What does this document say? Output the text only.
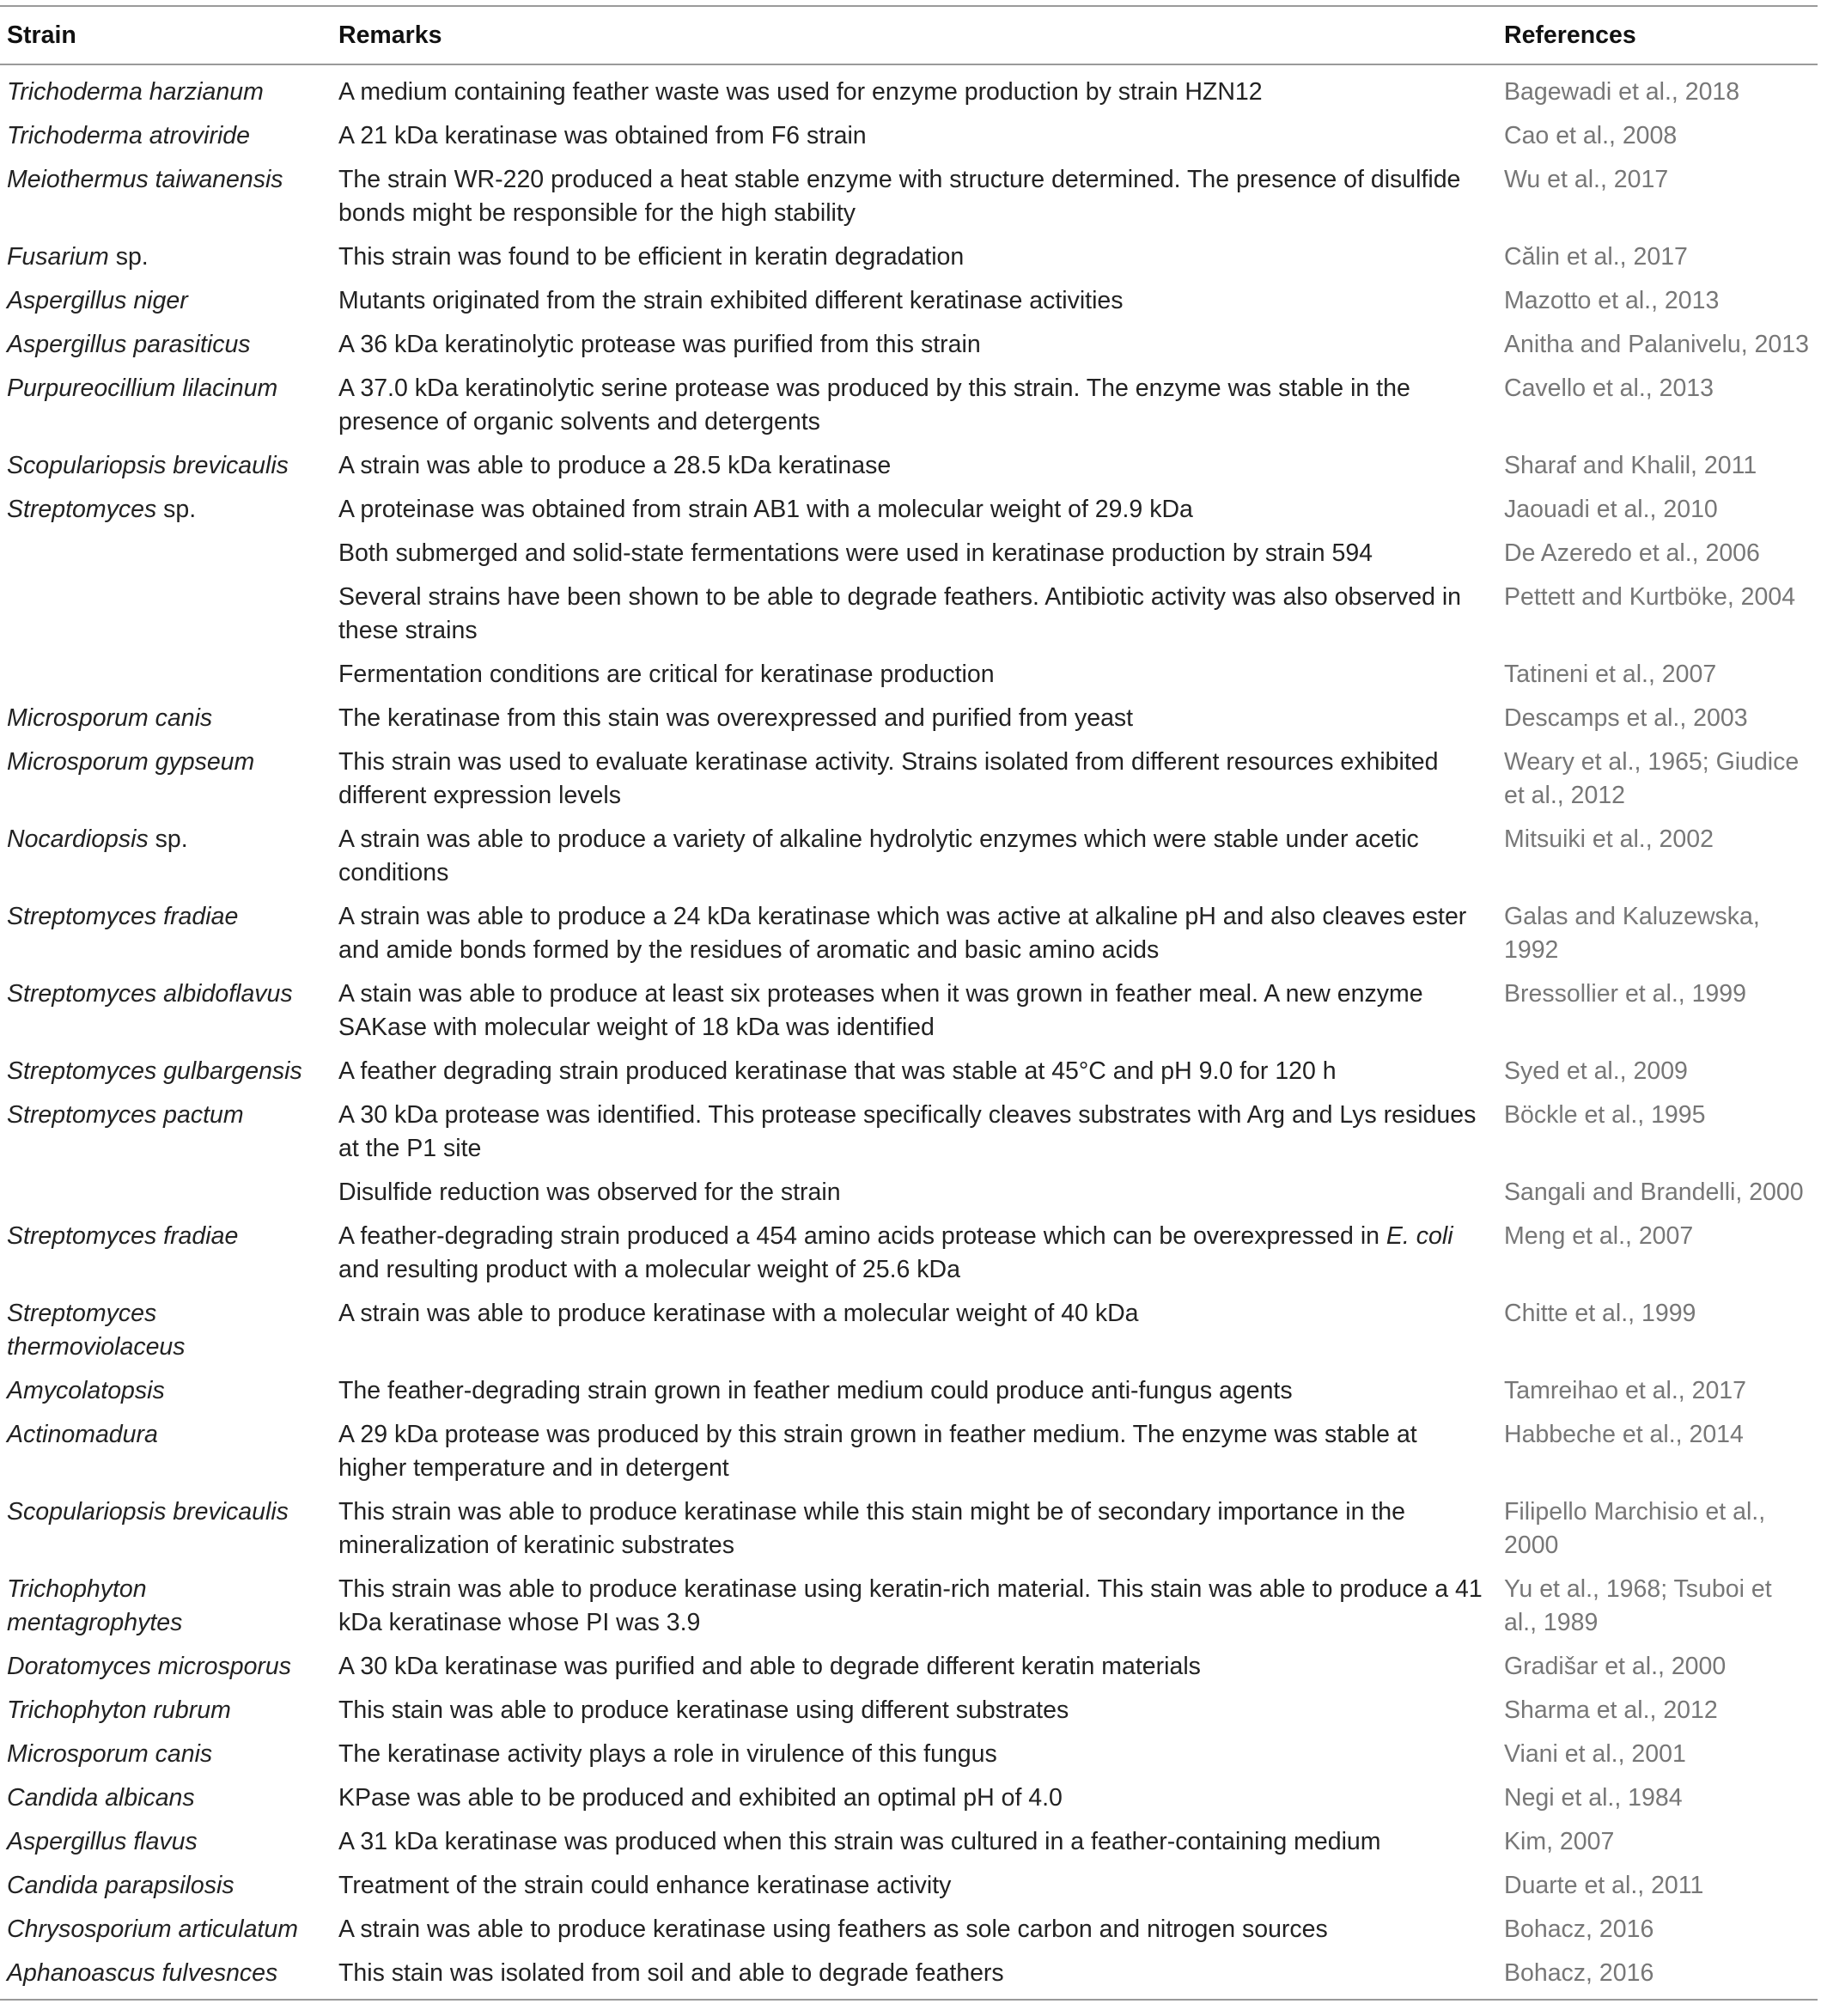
Strain	Remarks	References
Trichoderma harzianum	A medium containing feather waste was used for enzyme production by strain HZN12	Bagewadi et al., 2018
Trichoderma atroviride	A 21 kDa keratinase was obtained from F6 strain	Cao et al., 2008
Meiothermus taiwanensis	The strain WR-220 produced a heat stable enzyme with structure determined. The presence of disulfide bonds might be responsible for the high stability	Wu et al., 2017
Fusarium sp.	This strain was found to be efficient in keratin degradation	Călin et al., 2017
Aspergillus niger	Mutants originated from the strain exhibited different keratinase activities	Mazotto et al., 2013
Aspergillus parasiticus	A 36 kDa keratinolytic protease was purified from this strain	Anitha and Palanivelu, 2013
Purpureocillium lilacinum	A 37.0 kDa keratinolytic serine protease was produced by this strain. The enzyme was stable in the presence of organic solvents and detergents	Cavello et al., 2013
Scopulariopsis brevicaulis	A strain was able to produce a 28.5 kDa keratinase	Sharaf and Khalil, 2011
Streptomyces sp.	A proteinase was obtained from strain AB1 with a molecular weight of 29.9 kDa	Jaouadi et al., 2010
	Both submerged and solid-state fermentations were used in keratinase production by strain 594	De Azeredo et al., 2006
	Several strains have been shown to be able to degrade feathers. Antibiotic activity was also observed in these strains	Pettett and Kurtböke, 2004
	Fermentation conditions are critical for keratinase production	Tatineni et al., 2007
Microsporum canis	The keratinase from this stain was overexpressed and purified from yeast	Descamps et al., 2003
Microsporum gypseum	This strain was used to evaluate keratinase activity. Strains isolated from different resources exhibited different expression levels	Weary et al., 1965; Giudice et al., 2012
Nocardiopsis sp.	A strain was able to produce a variety of alkaline hydrolytic enzymes which were stable under acetic conditions	Mitsuiki et al., 2002
Streptomyces fradiae	A strain was able to produce a 24 kDa keratinase which was active at alkaline pH and also cleaves ester and amide bonds formed by the residues of aromatic and basic amino acids	Galas and Kaluzewska, 1992
Streptomyces albidoflavus	A stain was able to produce at least six proteases when it was grown in feather meal. A new enzyme SAKase with molecular weight of 18 kDa was identified	Bressollier et al., 1999
Streptomyces gulbargensis	A feather degrading strain produced keratinase that was stable at 45°C and pH 9.0 for 120 h	Syed et al., 2009
Streptomyces pactum	A 30 kDa protease was identified. This protease specifically cleaves substrates with Arg and Lys residues at the P1 site	Böckle et al., 1995
	Disulfide reduction was observed for the strain	Sangali and Brandelli, 2000
Streptomyces fradiae	A feather-degrading strain produced a 454 amino acids protease which can be overexpressed in E. coli and resulting product with a molecular weight of 25.6 kDa	Meng et al., 2007
Streptomyces thermoviolaceus	A strain was able to produce keratinase with a molecular weight of 40 kDa	Chitte et al., 1999
Amycolatopsis	The feather-degrading strain grown in feather medium could produce anti-fungus agents	Tamreihao et al., 2017
Actinomadura	A 29 kDa protease was produced by this strain grown in feather medium. The enzyme was stable at higher temperature and in detergent	Habbeche et al., 2014
Scopulariopsis brevicaulis	This strain was able to produce keratinase while this stain might be of secondary importance in the mineralization of keratinic substrates	Filipello Marchisio et al., 2000
Trichophyton mentagrophytes	This strain was able to produce keratinase using keratin-rich material. This stain was able to produce a 41 kDa keratinase whose PI was 3.9	Yu et al., 1968; Tsuboi et al., 1989
Doratomyces microsporus	A 30 kDa keratinase was purified and able to degrade different keratin materials	Gradišar et al., 2000
Trichophyton rubrum	This stain was able to produce keratinase using different substrates	Sharma et al., 2012
Microsporum canis	The keratinase activity plays a role in virulence of this fungus	Viani et al., 2001
Candida albicans	KPase was able to be produced and exhibited an optimal pH of 4.0	Negi et al., 1984
Aspergillus flavus	A 31 kDa keratinase was produced when this strain was cultured in a feather-containing medium	Kim, 2007
Candida parapsilosis	Treatment of the strain could enhance keratinase activity	Duarte et al., 2011
Chrysosporium articulatum	A strain was able to produce keratinase using feathers as sole carbon and nitrogen sources	Bohacz, 2016
Aphanoascus fulvesnces	This stain was isolated from soil and able to degrade feathers	Bohacz, 2016
